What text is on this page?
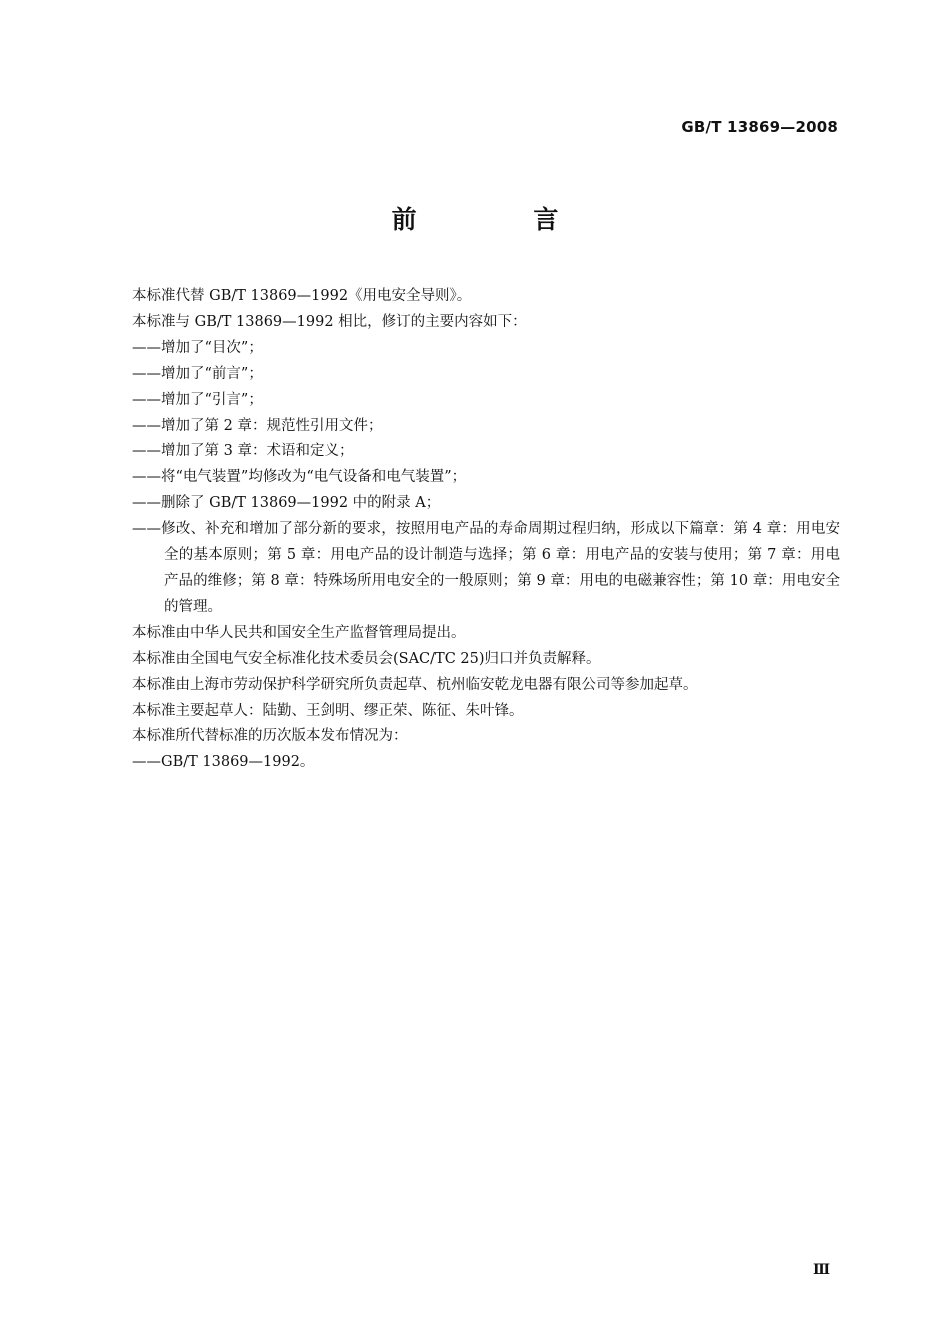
GB/T 13869—2008
前 言

本标准代替 GB/T 13869—1992《用电安全导则》。

本标准与 GB/T 13869—1992 相比，修订的主要内容如下：

——增加了“目次”；

——增加了“前言”；

——增加了“引言”；

——增加了第 2 章：规范性引用文件；

——增加了第 3 章：术语和定义；

——将“电气装置”均修改为“电气设备和电气装置”；

——删除了 GB/T 13869—1992 中的附录 A；

——修改、补充和增加了部分新的要求，按照用电产品的寿命周期过程归纳，形成以下篇章：第 4 章：用电安全的基本原则；第 5 章：用电产品的设计制造与选择；第 6 章：用电产品的安装与使用；第 7 章：用电产品的维修；第 8 章：特殊场所用电安全的一般原则；第 9 章：用电的电磁兼容性；第 10 章：用电安全的管理。

本标准由中华人民共和国安全生产监督管理局提出。

本标准由全国电气安全标准化技术委员会(SAC/TC 25)归口并负责解释。

本标准由上海市劳动保护科学研究所负责起草、杭州临安乾龙电器有限公司等参加起草。

本标准主要起草人：陆勤、王剑明、缪正荣、陈征、朱叶锋。

本标准所代替标准的历次版本发布情况为：

——GB/T 13869—1992。

Ⅲ
